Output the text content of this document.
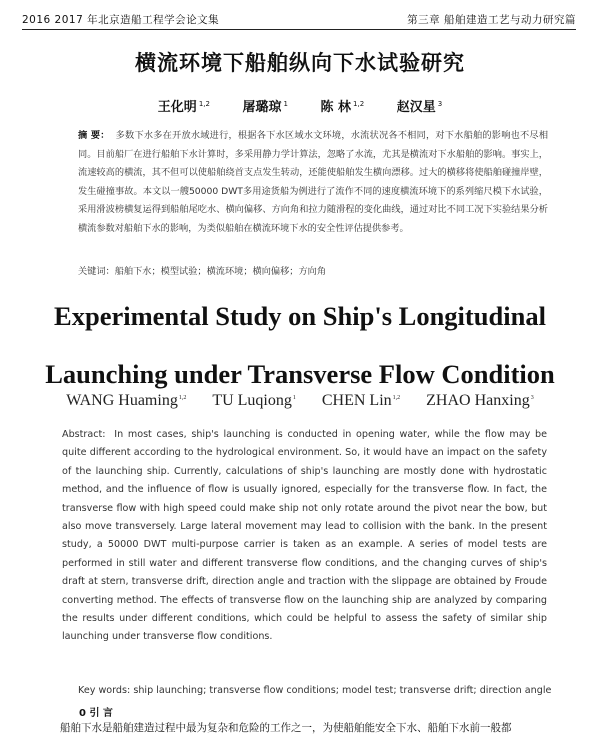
2016 2017 年北京造船工程学会论文集	第三章 船舶建造工艺与动力研究篇
横流环境下船舶纵向下水试验研究
王化明 $^{1,2}$	屠璐琼 $^1$	陈 林 $^{1,2}$	赵汉星 $^3$
摘 要： 多数下水多在开放水域进行，根据各下水区域水文环境，水流状况各不相同，对下水船舶的影响也不尽相同。目前船厂在进行船舶下水计算时，多采用静力学计算法，忽略了水流，尤其是横流对下水船舶的影响。事实上，流速较高的横流，其不但可以使船舶绕首支点发生转动，还能使船舶发生横向漂移。过大的横移将使船舶碰撞岸壁，发生碰撞事故。本文以一艘50000 DWT多用途货船为例进行了流作不同的速度横流环境下的系列缩尺模下水试验，采用滑波榜横复运得到船舶尾吃水、横向偏移、方向角和拉力随滑程的变化曲线，通过对比不同工况下实验结果分析横流参数对船舶下水的影响，为类似船舶在横流环境下水的安全性评估提供参考。
关键词：船舶下水；模型试验；横流环境；横向偏移；方向角
Experimental Study on Ship's Longitudinal
Launching under Transverse Flow Condition
WANG Huaming$^{1,2}$ TU Luqiong$^1$ CHEN Lin$^{1,2}$ ZHAO Hanxing$^3$
Abstract: In most cases, ship's launching is conducted in opening water, while the flow may be quite different according to the hydrological environment. So, it would have an impact on the safety of the launching ship. Currently, calculations of ship's launching are mostly done with hydrostatic method, and the influence of flow is usually ignored, especially for the transverse flow. In fact, the transverse flow with high speed could make ship not only rotate around the pivot near the bow, but also move transversely. Large lateral movement may lead to collision with the bank. In the present study, a 50000 DWT multi-purpose carrier is taken as an example. A series of model tests are performed in still water and different transverse flow conditions, and the changing curves of ship's draft at stern, transverse drift, direction angle and traction with the slippage are obtained by Froude converting method. The effects of transverse flow on the launching ship are analyzed by comparing the results under different conditions, which could be helpful to assess the safety of similar ship launching under transverse flow conditions.
Key words: ship launching; transverse flow conditions; model test; transverse drift; direction angle
0 引 言
船舶下水是船舶建造过程中最为复杂和危险的工作之一，为使船舶能安全下水、船舶下水前一般都
